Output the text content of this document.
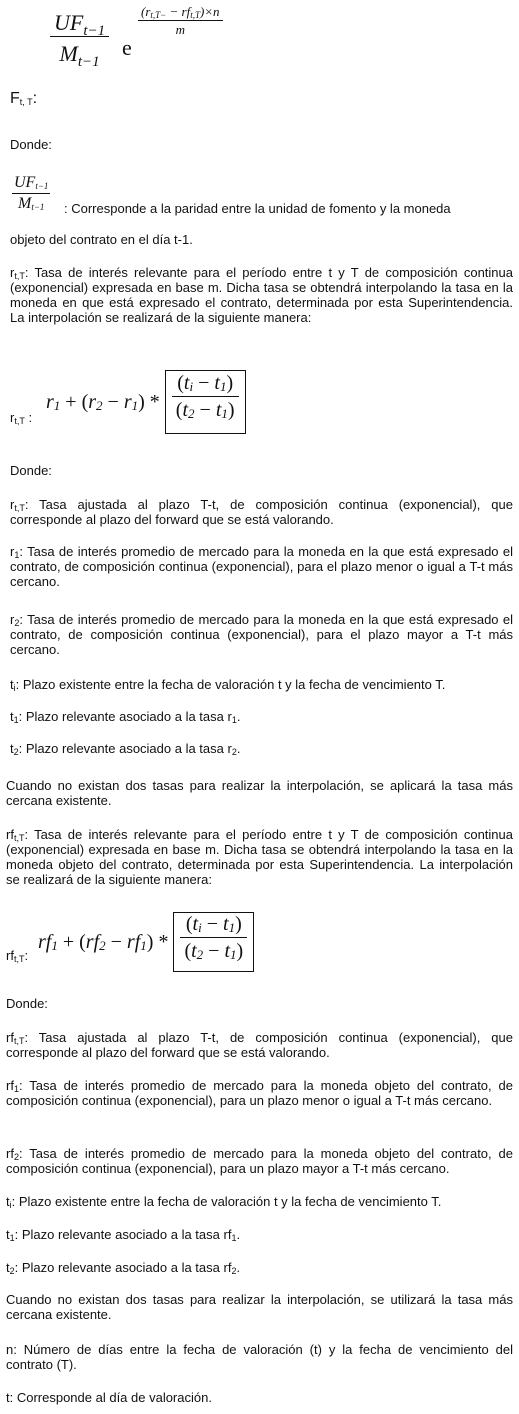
$\frac{UF_{t-1}}{M_{t-1}}$ e
$\frac{(r_{t,T-} - rf_{t,T})\times n}{m}$
$F_{t, T}$:
Donde:
$\frac{UF_{t-1}}{M_{t-1}}$ : Corresponde a la paridad entre la unidad de fomento y la moneda
objeto del contrato en el día t-1.
$r_{t,T}$: Tasa de interés relevante para el período entre t y T de composición continua (exponencial) expresada en base m. Dicha tasa se obtendrá interpolando la tasa en la moneda en que está expresado el contrato, determinada por esta Superintendencia. La interpolación se realizará de la siguiente manera:
$r_{t,T}$ :
$r_1 + (r_2 - r_1) * \frac{(t_i - t_1)}{(t_2 - t_1)}$
Donde:
$r_{t,T}$: Tasa ajustada al plazo T-t, de composición continua (exponencial), que corresponde al plazo del forward que se está valorando.
$r_1$: Tasa de interés promedio de mercado para la moneda en la que está expresado el contrato, de composición continua (exponencial), para el plazo menor o igual a T-t más cercano.
$r_2$: Tasa de interés promedio de mercado para la moneda en la que está expresado el contrato, de composición continua (exponencial), para el plazo mayor a T-t más cercano.
$t_i$: Plazo existente entre la fecha de valoración t y la fecha de vencimiento T.
$t_1$: Plazo relevante asociado a la tasa $r_1$.
$t_2$: Plazo relevante asociado a la tasa $r_2$.
Cuando no existan dos tasas para realizar la interpolación, se aplicará la tasa más cercana existente.
$rf_{t,T}$: Tasa de interés relevante para el período entre t y T de composición continua (exponencial) expresada en base m. Dicha tasa se obtendrá interpolando la tasa en la moneda objeto del contrato, determinada por esta Superintendencia. La interpolación se realizará de la siguiente manera:
$rf_{t,T}$:
$rf_1 + (rf_2 - rf_1) * \frac{(t_i - t_1)}{(t_2 - t_1)}$
Donde:
$rf_{t,T}$: Tasa ajustada al plazo T-t, de composición continua (exponencial), que corresponde al plazo del forward que se está valorando.
$rf_1$: Tasa de interés promedio de mercado para la moneda objeto del contrato, de composición continua (exponencial), para un plazo menor o igual a T-t más cercano.
$rf_2$: Tasa de interés promedio de mercado para la moneda objeto del contrato, de composición continua (exponencial), para un plazo mayor a T-t más cercano.
$t_i$: Plazo existente entre la fecha de valoración t y la fecha de vencimiento T.
$t_1$: Plazo relevante asociado a la tasa $rf_1$.
$t_2$: Plazo relevante asociado a la tasa $rf_2$.
Cuando no existan dos tasas para realizar la interpolación, se utilizará la tasa más cercana existente.
n: Número de días entre la fecha de valoración (t) y la fecha de vencimiento del contrato (T).
t: Corresponde al día de valoración.
